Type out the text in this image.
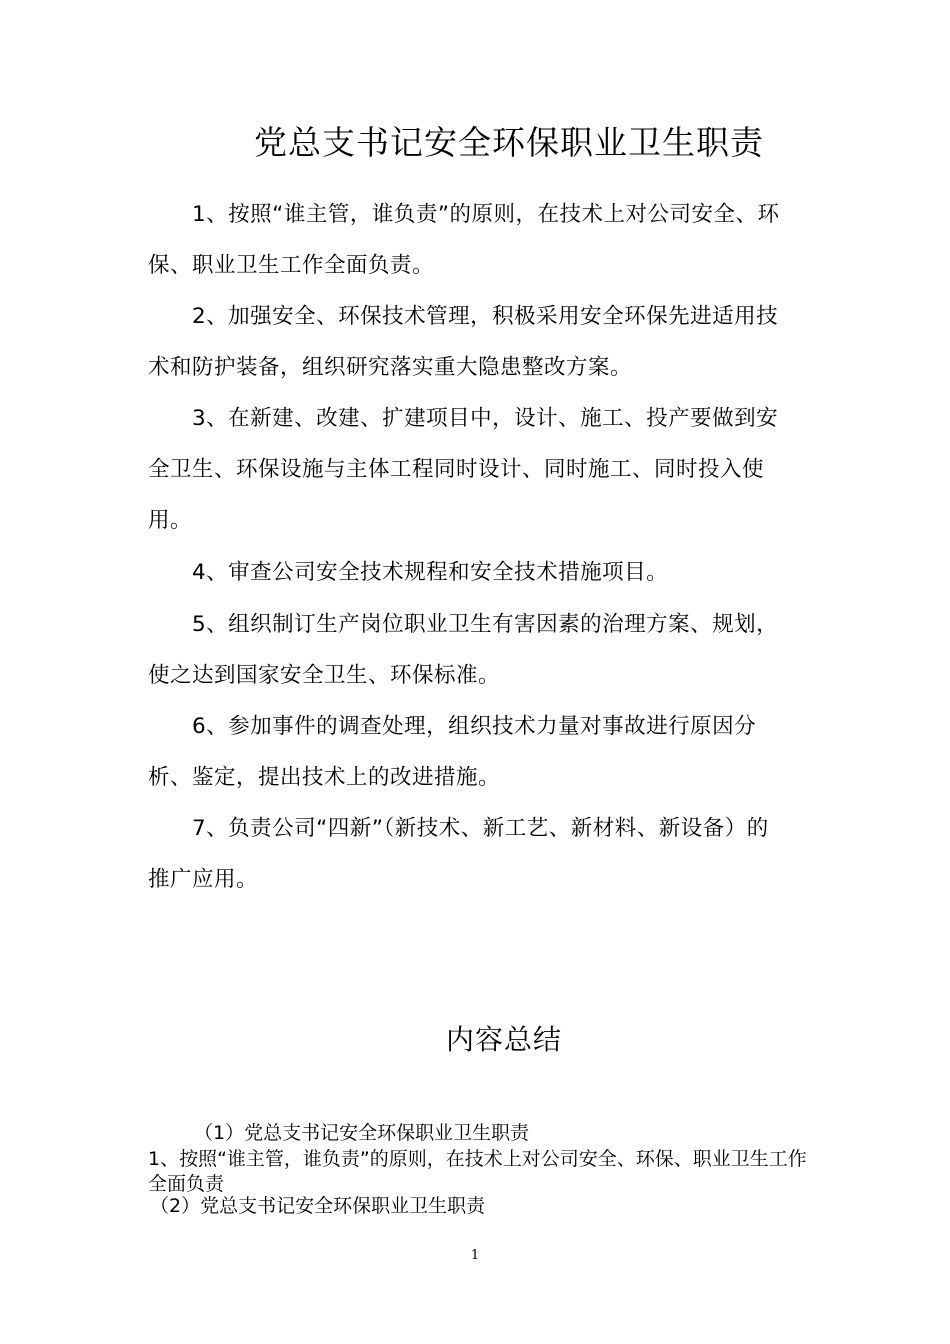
党总支书记安全环保职业卫生职责

1、按照“谁主管，谁负责”的原则，在技术上对公司安全、环保、职业卫生工作全面负责。

2、加强安全、环保技术管理，积极采用安全环保先进适用技术和防护装备，组织研究落实重大隐患整改方案。

3、在新建、改建、扩建项目中，设计、施工、投产要做到安全卫生、环保设施与主体工程同时设计、同时施工、同时投入使用。

4、审查公司安全技术规程和安全技术措施项目。

5、组织制订生产岗位职业卫生有害因素的治理方案、规划，使之达到国家安全卫生、环保标准。

6、参加事件的调查处理，组织技术力量对事故进行原因分析、鉴定，提出技术上的改进措施。

7、负责公司“四新”（新技术、新工艺、新材料、新设备）的推广应用。

内容总结

（1）党总支书记安全环保职业卫生职责

1、按照“谁主管，谁负责”的原则，在技术上对公司安全、环保、职业卫生工作全面负责

（2）党总支书记安全环保职业卫生职责

1
